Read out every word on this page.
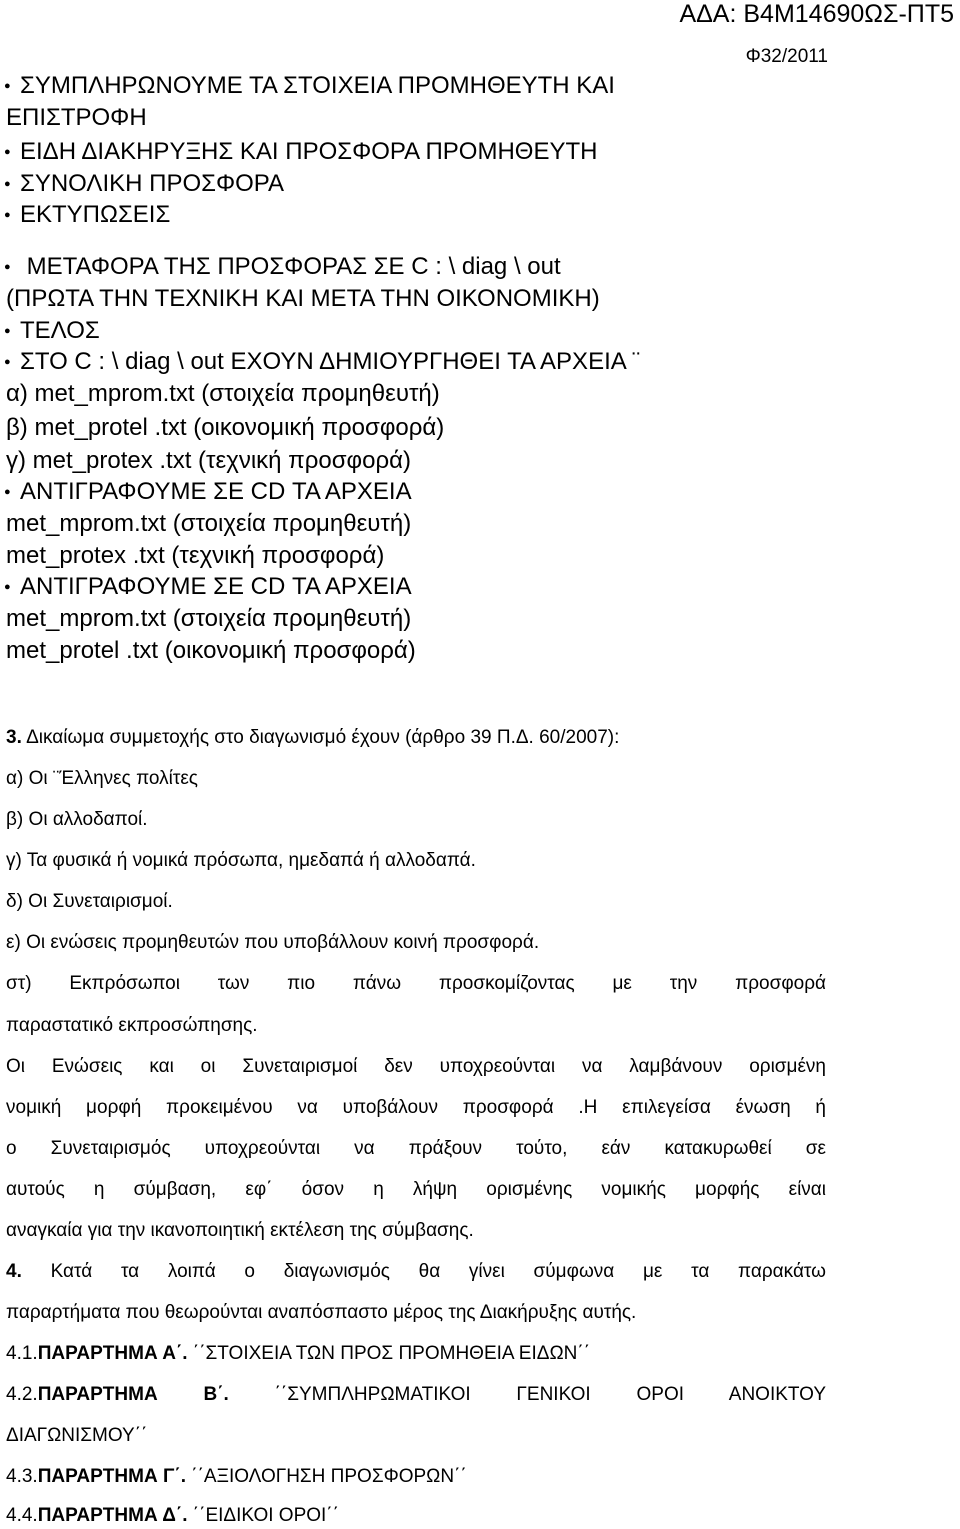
ΑΔΑ: Β4Μ14690ΩΣ-ΠΤ5
Φ32/2011
●ΣΥΜΠΛΗΡΩΝΟΥΜΕ ΤΑ ΣΤΟΙΧΕΙΑ ΠΡΟΜΗΘΕΥΤΗ ΚΑΙ
ΕΠΙΣΤΡΟΦΗ
●ΕΙΔΗ ΔΙΑΚΗΡΥΞΗΣ ΚΑΙ ΠΡΟΣΦΟΡΑ ΠΡΟΜΗΘΕΥΤΗ
●ΣΥΝΟΛΙΚΗ ΠΡΟΣΦΟΡΑ
●ΕΚΤΥΠΩΣΕΙΣ
● ΜΕΤΑΦΟΡΑ ΤΗΣ ΠΡΟΣΦΟΡΑΣ ΣΕ C : \ diag \ out
(ΠΡΩΤΑ ΤΗΝ ΤΕΧΝΙΚΗ ΚΑΙ ΜΕΤΑ ΤΗΝ ΟΙΚΟΝΟΜΙΚΗ)
●ΤΕΛΟΣ
●ΣΤΟ C : \ diag \ out ΕΧΟΥΝ ΔΗΜΙΟΥΡΓΗΘΕΙ ΤΑ ΑΡΧΕΙΑ ¨
α) met_mprom.txt (στοιχεία προμηθευτή)
β) met_protel .txt (οικονομική προσφορά)
γ) met_protex .txt (τεχνική προσφορά)
●ΑΝΤΙΓΡΑΦΟΥΜΕ ΣΕ CD ΤΑ ΑΡΧΕΙΑ
met_mprom.txt (στοιχεία προμηθευτή)
met_protex .txt (τεχνική προσφορά)
●ΑΝΤΙΓΡΑΦΟΥΜΕ ΣΕ CD ΤΑ ΑΡΧΕΙΑ
met_mprom.txt (στοιχεία προμηθευτή)
met_protel .txt (οικονομική προσφορά)
3. Δικαίωμα συμμετοχής στο διαγωνισμό έχουν (άρθρο 39 Π.Δ. 60/2007):
α) Οι ¨Έλληνες πολίτες
β) Οι αλλοδαποί.
γ) Τα φυσικά ή νομικά πρόσωπα, ημεδαπά ή αλλοδαπά.
δ) Οι Συνεταιρισμοί.
ε) Οι ενώσεις προμηθευτών που υποβάλλουν κοινή προσφορά.
στ) Εκπρόσωποι των πιο πάνω προσκομίζοντας με την προσφορά
παραστατικό εκπροσώπησης.
Οι Ενώσεις και οι Συνεταιρισμοί δεν υποχρεούνται να λαμβάνουν ορισμένη
νομική μορφή προκειμένου να υποβάλουν προσφορά .Η επιλεγείσα ένωση ή
ο Συνεταιρισμός υποχρεούνται να πράξουν τούτο, εάν κατακυρωθεί σε
αυτούς η σύμβαση, εφ΄ όσον η λήψη ορισμένης νομικής μορφής είναι
αναγκαία για την ικανοποιητική εκτέλεση της σύμβασης.
4. Κατά τα λοιπά ο διαγωνισμός θα γίνει σύμφωνα με τα παρακάτω
παραρτήματα που θεωρούνται αναπόσπαστο μέρος της Διακήρυξης αυτής.
4.1.ΠΑΡΑΡΤΗΜΑ Α΄. ΄΄ΣΤΟΙΧΕΙΑ ΤΩΝ ΠΡΟΣ ΠΡΟΜΗΘΕΙΑ ΕΙΔΩΝ΄΄
4.2.ΠΑΡΑΡΤΗΜΑ Β΄. ΄΄ΣΥΜΠΛΗΡΩΜΑΤΙΚΟΙ ΓΕΝΙΚΟΙ ΟΡΟΙ ΑΝΟΙΚΤΟΥ
ΔΙΑΓΩΝΙΣΜΟΥ΄΄
4.3.ΠΑΡΑΡΤΗΜΑ Γ΄. ΄΄ΑΞΙΟΛΟΓΗΣΗ ΠΡΟΣΦΟΡΩΝ΄΄
4.4.ΠΑΡΑΡΤΗΜΑ Δ΄. ΄΄ΕΙΔΙΚΟΙ ΟΡΟΙ΄΄
